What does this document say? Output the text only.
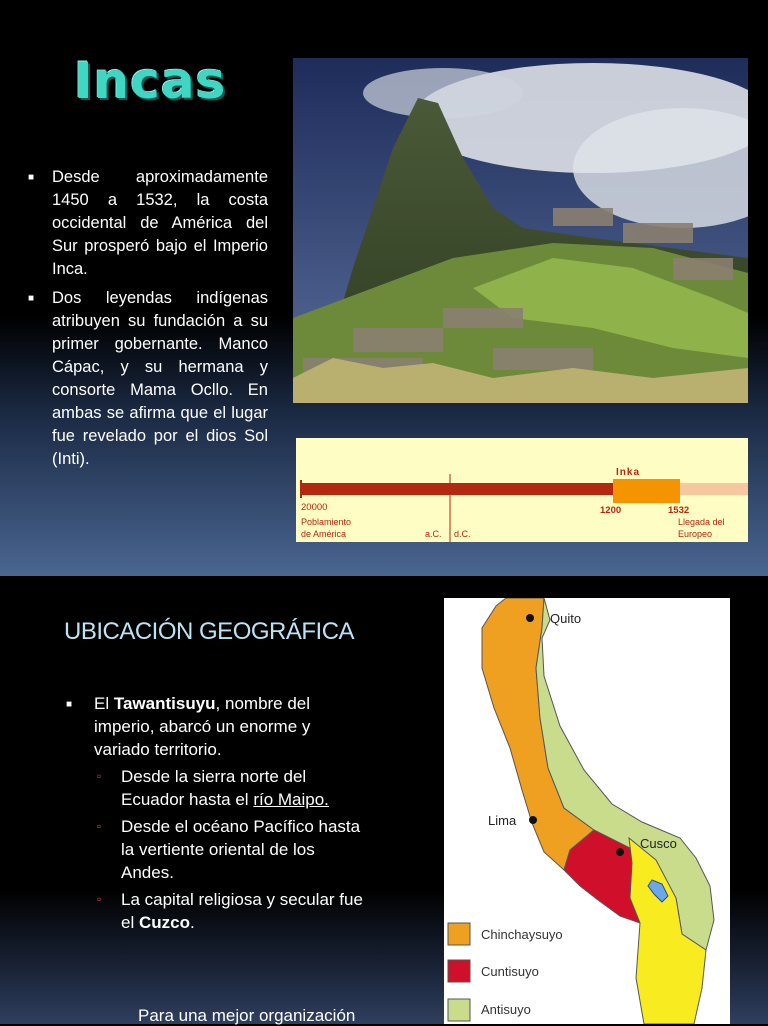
Incas
■ Desde aproximadamente 1450 a 1532, la costa occidental de América del Sur prosperó bajo el Imperio Inca.
■ Dos leyendas indígenas atribuyen su fundación a su primer gobernante. Manco Cápac, y su hermana y consorte Mama Ocllo. En ambas se afirma que el lugar fue revelado por el dios Sol (Inti).
Inka
20000
Poblamiento
de América	a.C. d.C.
1200	1532
Llegada del
Europeo
UBICACIÓN GEOGRÁFICA
■ El Tawantisuyu, nombre del imperio, abarcó un enorme y variado territorio.
▫ Desde la sierra norte del Ecuador hasta el río Maipo.
▫ Desde el océano Pacífico hasta la vertiente oriental de los Andes.
▫ La capital religiosa y secular fue el Cuzco.

Para una mejor organización

Quito
Lima
Cusco
Chinchaysuyo
Cuntisuyo
Antisuyo
